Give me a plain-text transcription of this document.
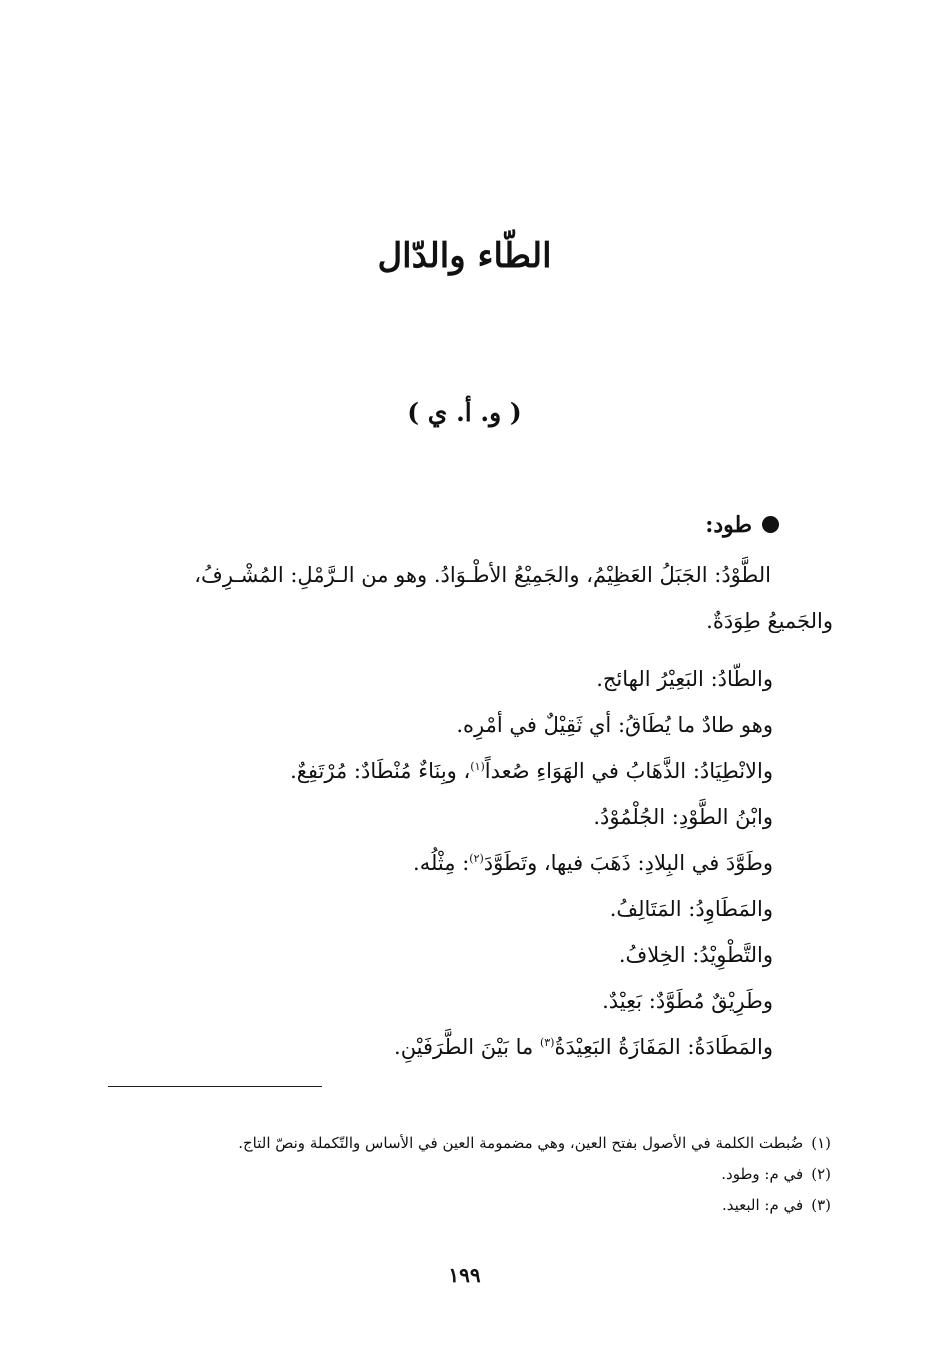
الطّاء والدّال
( و. أ. ي )
طود:

الطَّوْدُ: الجَبَلُ العَظِيْمُ، والجَمِيْعُ الأطْـوَادُ. وهو من الـرَّمْلِ: المُشْـرِفُ،
والجَميعُ طِوَدَةٌ.

والطّادُ: البَعِيْرُ الهائج.

وهو طادٌ ما يُطَاقُ: أي ثَقِيْلٌ في أمْرِه.

والانْطِيَادُ: الذَّهَابُ في الهَوَاءِ صُعداً$^{(١)}$، وبِنَاءٌ مُنْطَادٌ: مُرْتَفِعٌ.

وابْنُ الطَّوْدِ: الجُلْمُوْدُ.

وطَوَّدَ في البِلادِ: ذَهَبَ فيها، وتَطَوَّدَ$^{(٢)}$: مِثْلُه.

والمَطَاوِدُ: المَتَالِفُ.

والتَّطْوِيْدُ: الخِلافُ.

وطَرِيْقٌ مُطَوَّدٌ: بَعِيْدٌ.

والمَطَادَةُ: المَفَازَةُ البَعِيْدَةُ$^{(٣)}$ ما بَيْنَ الطَّرَفَيْنِ.

(١)ضُبطت الكلمة في الأصول بفتح العين، وهي مضمومة العين في الأساس والتّكملة ونصّ التاج.

(٢)في م: وطود.

(٣)في م: البعيد.

١٩٩
